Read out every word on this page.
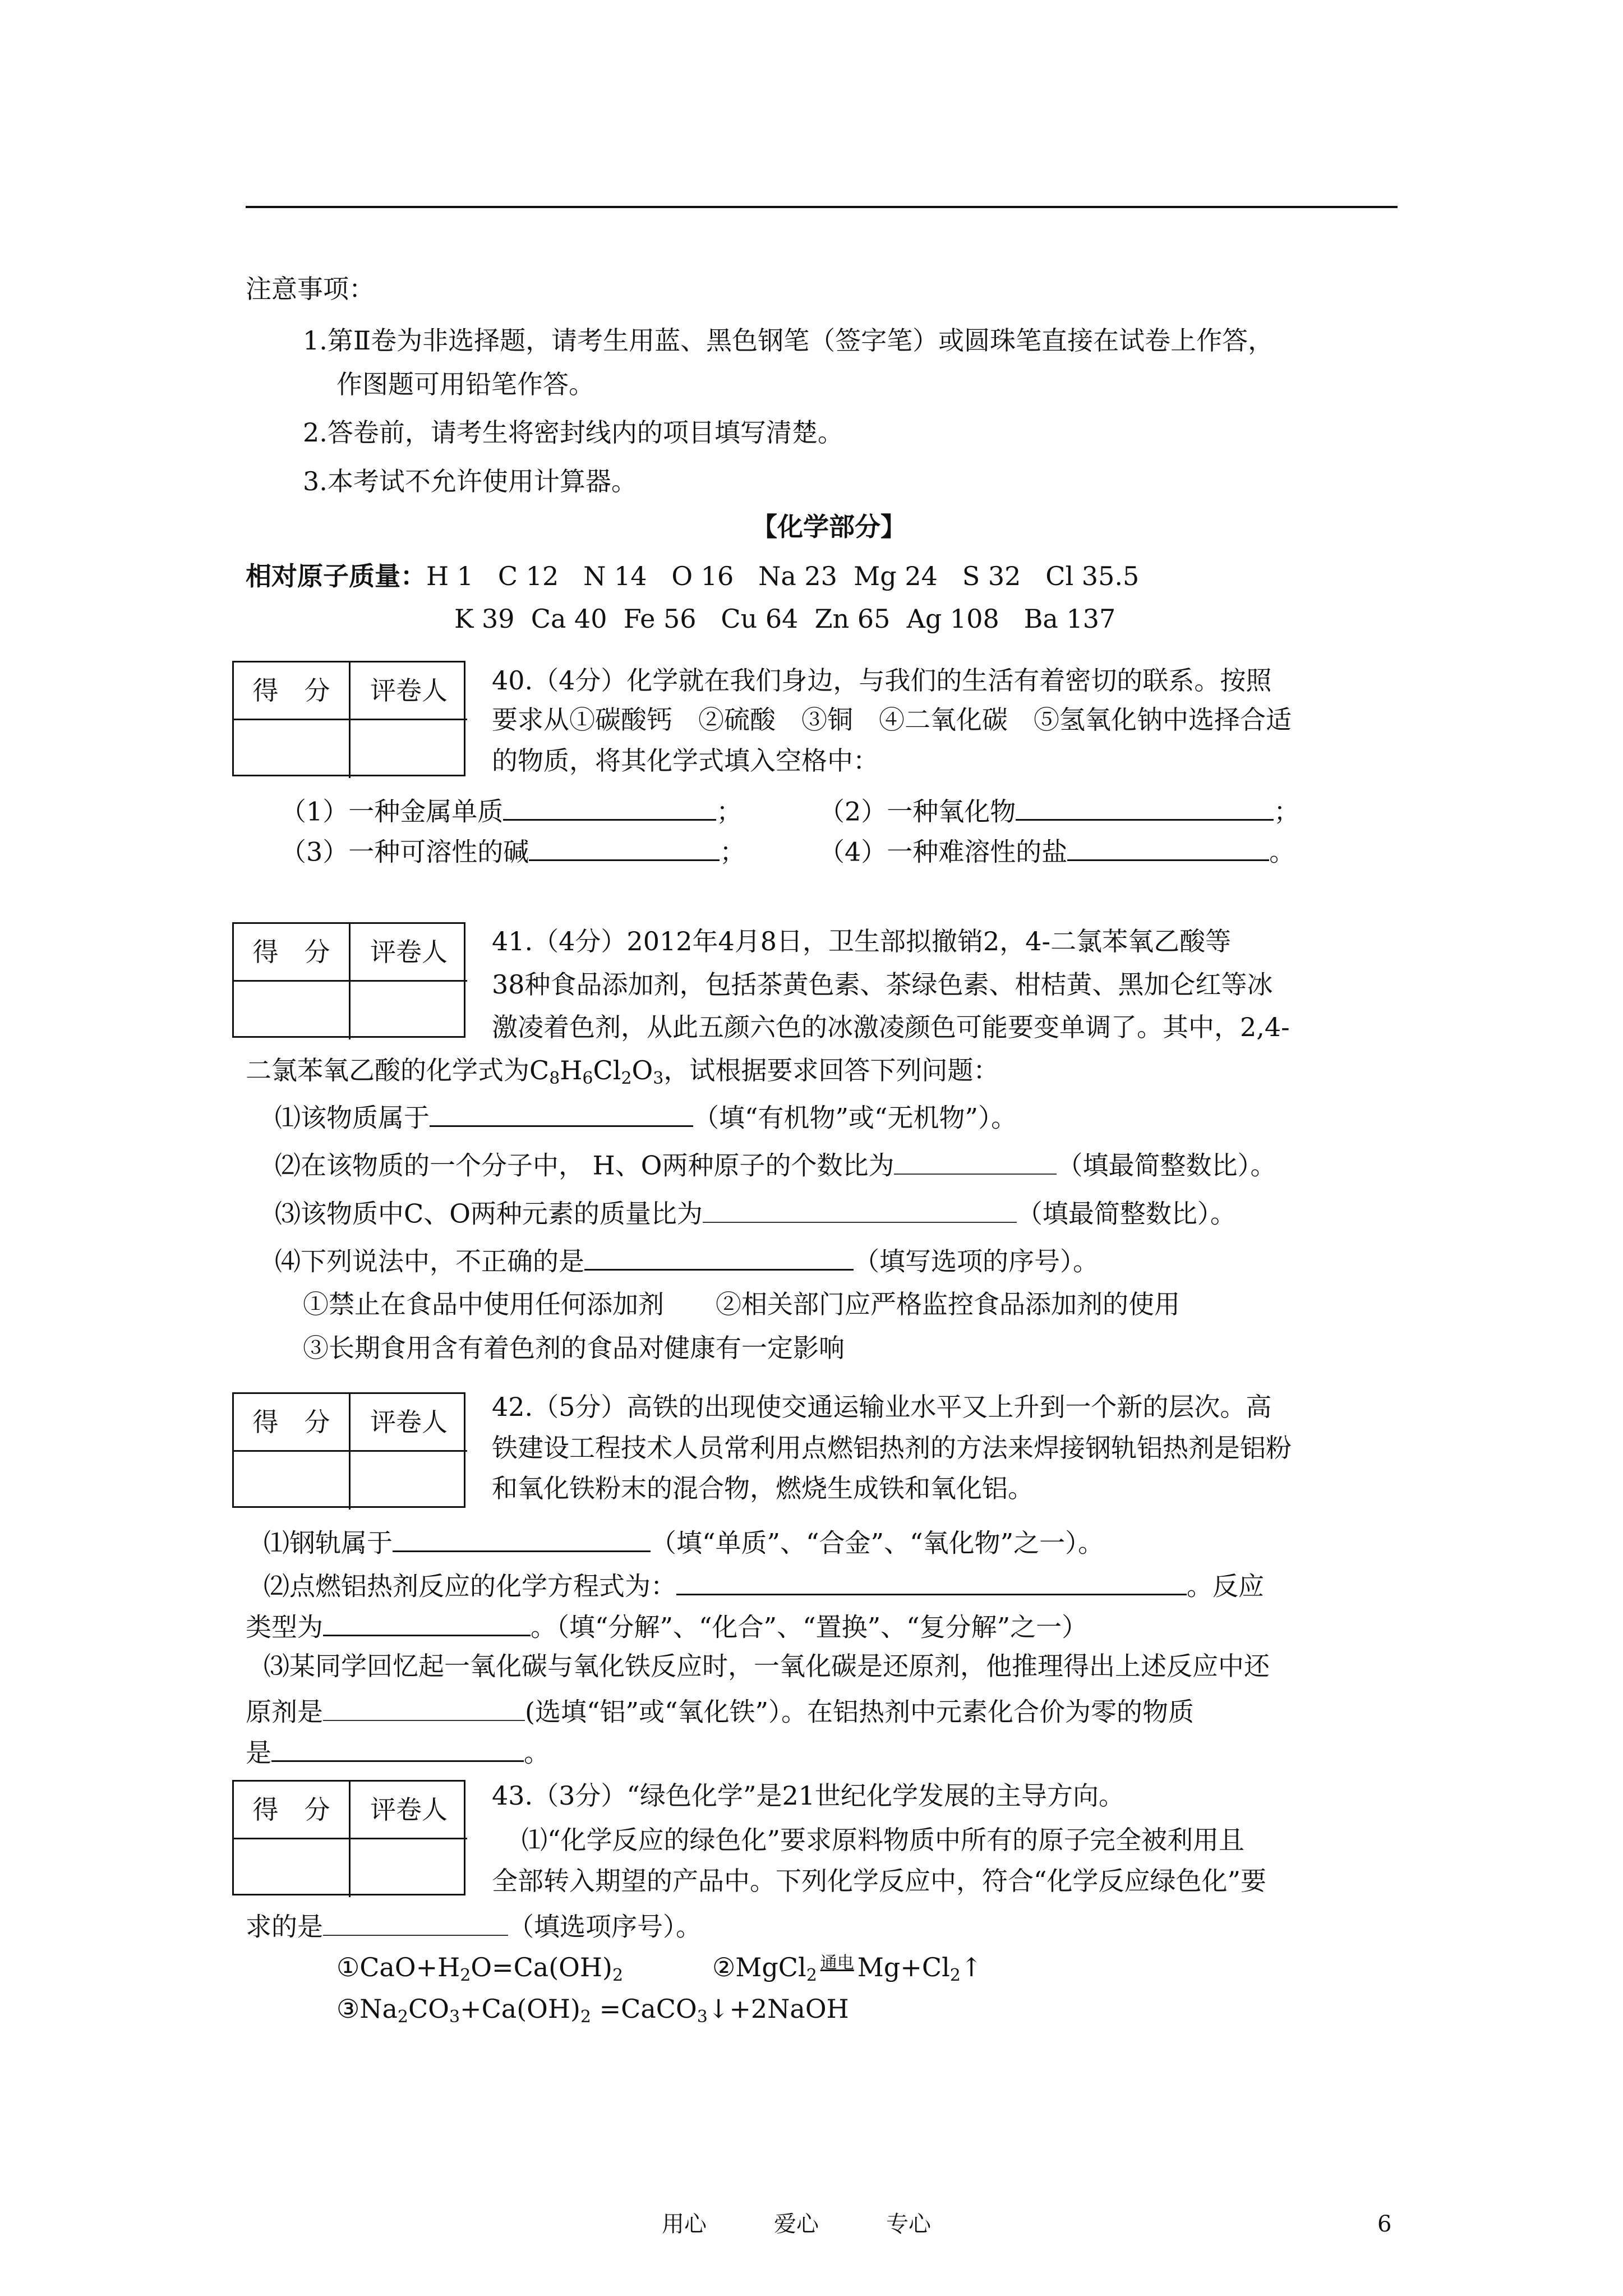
注意事项：
1.第Ⅱ卷为非选择题，请考生用蓝、黑色钢笔（签字笔）或圆珠笔直接在试卷上作答，
作图题可用铅笔作答。
2.答卷前，请考生将密封线内的项目填写清楚。
3.本考试不允许使用计算器。
【化学部分】
相对原子质量：H 1   C 12   N 14   O 16   Na 23  Mg 24   S 32   Cl 35.5
K 39  Ca 40  Fe 56   Cu 64  Zn 65  Ag 108   Ba 137
得　分	评卷人	40.（4分）化学就在我们身边，与我们的生活有着密切的联系。按照
要求从①碳酸钙　②硫酸　③铜　④二氧化碳　⑤氢氧化钠中选择合适
的物质，将其化学式填入空格中：
（1）一种金属单质	；	（2）一种氧化物	；
（3）一种可溶性的碱	；	（4）一种难溶性的盐	。
得　分	评卷人	41.（4分）2012年4月8日，卫生部拟撤销2，4-二氯苯氧乙酸等
38种食品添加剂，包括茶黄色素、茶绿色素、柑桔黄、黑加仑红等冰
激凌着色剂，从此五颜六色的冰激凌颜色可能要变单调了。其中，2,4-
二氯苯氧乙酸的化学式为$C_8H_6Cl_2O_3$，试根据要求回答下列问题：
⑴该物质属于	（填“有机物”或“无机物”）。
⑵在该物质的一个分子中， H、O两种原子的个数比为	（填最简整数比）。
⑶该物质中C、O两种元素的质量比为	（填最简整数比）。
⑷下列说法中，不正确的是	（填写选项的序号）。
①禁止在食品中使用任何添加剂　　②相关部门应严格监控食品添加剂的使用
③长期食用含有着色剂的食品对健康有一定影响
得　分	评卷人	42.（5分）高铁的出现使交通运输业水平又上升到一个新的层次。高
铁建设工程技术人员常利用点燃铝热剂的方法来焊接钢轨铝热剂是铝粉
和氧化铁粉末的混合物，燃烧生成铁和氧化铝。
⑴钢轨属于	（填“单质”、“合金”、“氧化物”之一）。
⑵点燃铝热剂反应的化学方程式为：	。反应
类型为	。（填“分解”、“化合”、“置换”、“复分解”之一）
⑶某同学回忆起一氧化碳与氧化铁反应时，一氧化碳是还原剂，他推理得出上述反应中还
原剂是	(选填“铝”或“氧化铁”）。在铝热剂中元素化合价为零的物质
是	。
得　分	评卷人	43.（3分）“绿色化学”是21世纪化学发展的主导方向。
⑴“化学反应的绿色化”要求原料物质中所有的原子完全被利用且
全部转入期望的产品中。下列化学反应中，符合“化学反应绿色化”要
求的是	（填选项序号）。
$①CaO+H_2O=Ca(OH)_2$	②MgCl$_2$通电 $Mg+Cl_2↑$
$③Na_2CO_3+Ca(OH)_2$ =CaCO$_3$↓+2NaOH
用心　　　爱心　　　专心	6
